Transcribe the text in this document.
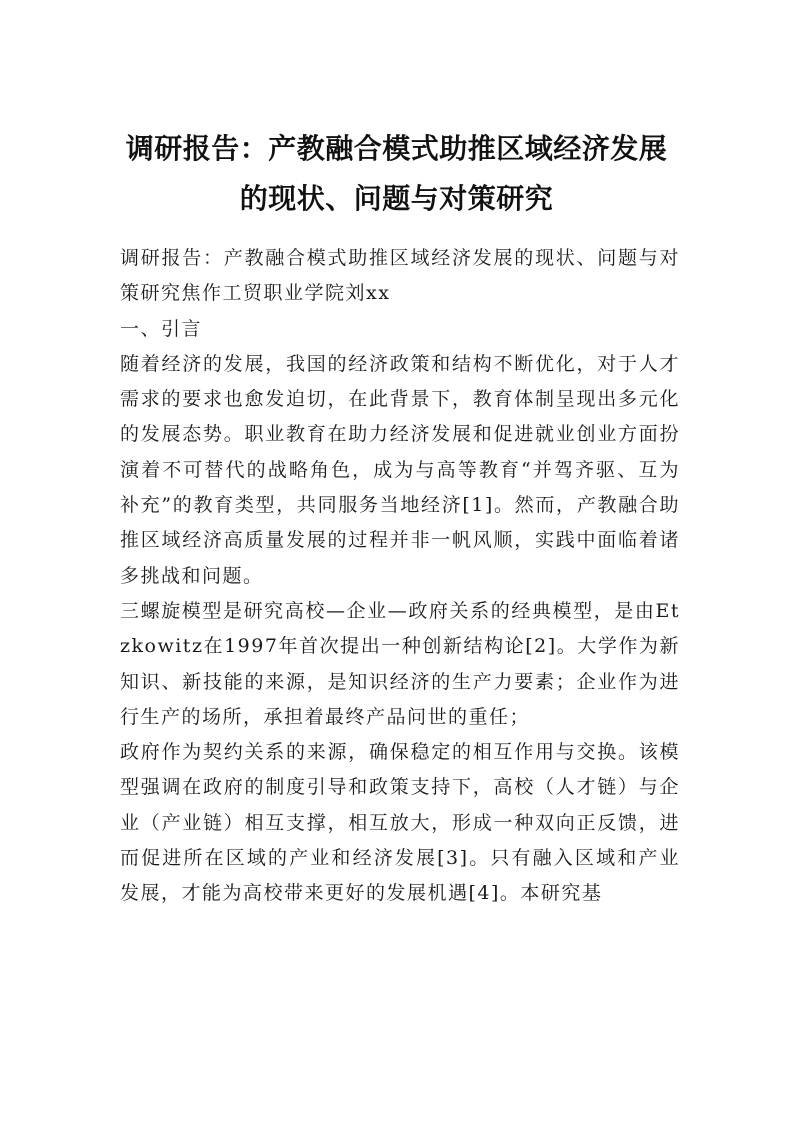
调研报告：产教融合模式助推区域经济发展
的现状、问题与对策研究

调研报告：产教融合模式助推区域经济发展的现状、问题与对策研究焦作工贸职业学院刘xx

一、引言

随着经济的发展，我国的经济政策和结构不断优化，对于人才需求的要求也愈发迫切，在此背景下，教育体制呈现出多元化的发展态势。职业教育在助力经济发展和促进就业创业方面扮演着不可替代的战略角色，成为与高等教育“并驾齐驱、互为补充”的教育类型，共同服务当地经济[1]。然而，产教融合助推区域经济高质量发展的过程并非一帆风顺，实践中面临着诸多挑战和问题。

三螺旋模型是研究高校—企业—政府关系的经典模型，是由Etzkowitz在1997年首次提出一种创新结构论[2]。大学作为新知识、新技能的来源，是知识经济的生产力要素；企业作为进行生产的场所，承担着最终产品问世的重任；

政府作为契约关系的来源，确保稳定的相互作用与交换。该模型强调在政府的制度引导和政策支持下，高校（人才链）与企业（产业链）相互支撑，相互放大，形成一种双向正反馈，进而促进所在区域的产业和经济发展[3]。只有融入区域和产业发展，才能为高校带来更好的发展机遇[4]。本研究基
